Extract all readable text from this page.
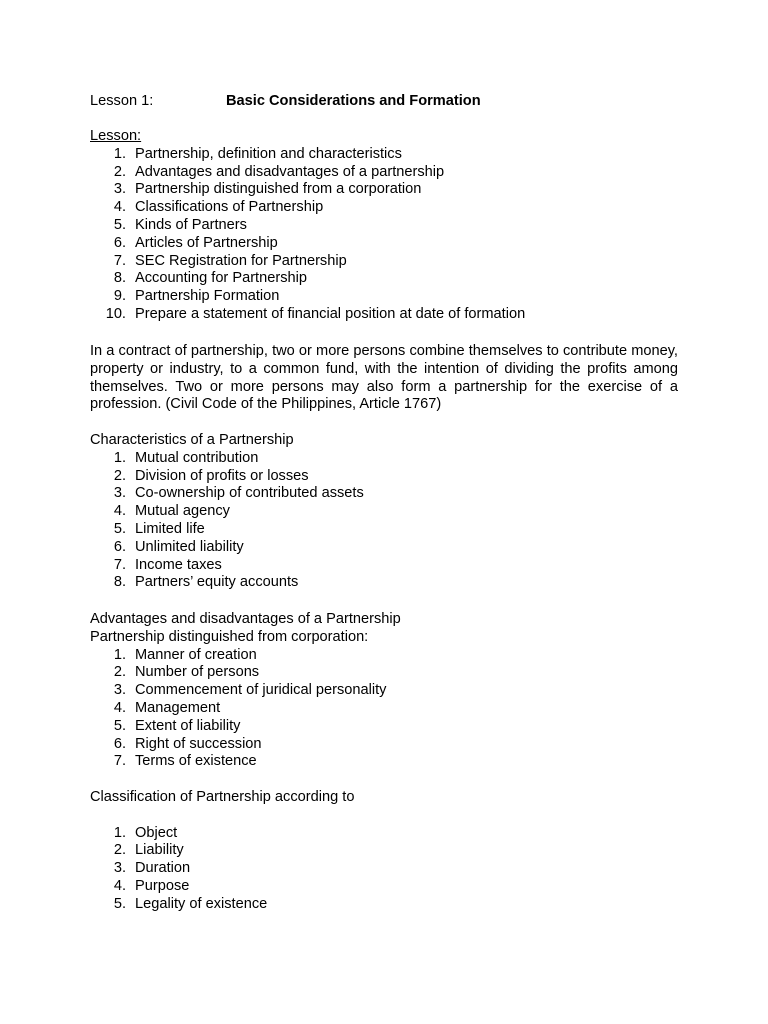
Lesson 1:	Basic Considerations and Formation
Lesson:
1. Partnership, definition and characteristics
2. Advantages and disadvantages of a partnership
3. Partnership distinguished from a corporation
4. Classifications of Partnership
5. Kinds of Partners
6. Articles of Partnership
7. SEC Registration for Partnership
8. Accounting for Partnership
9. Partnership Formation
10. Prepare a statement of financial position at date of formation
In a contract of partnership, two or more persons combine themselves to contribute money, property or industry, to a common fund, with the intention of dividing the profits among themselves. Two or more persons may also form a partnership for the exercise of a profession. (Civil Code of the Philippines, Article 1767)
Characteristics of a Partnership
1. Mutual contribution
2. Division of profits or losses
3. Co-ownership of contributed assets
4. Mutual agency
5. Limited life
6. Unlimited liability
7. Income taxes
8. Partners’ equity accounts
Advantages and disadvantages of a Partnership
Partnership distinguished from corporation:
1. Manner of creation
2. Number of persons
3. Commencement of juridical personality
4. Management
5. Extent of liability
6. Right of succession
7. Terms of existence
Classification of Partnership according to
1. Object
2. Liability
3. Duration
4. Purpose
5. Legality of existence
